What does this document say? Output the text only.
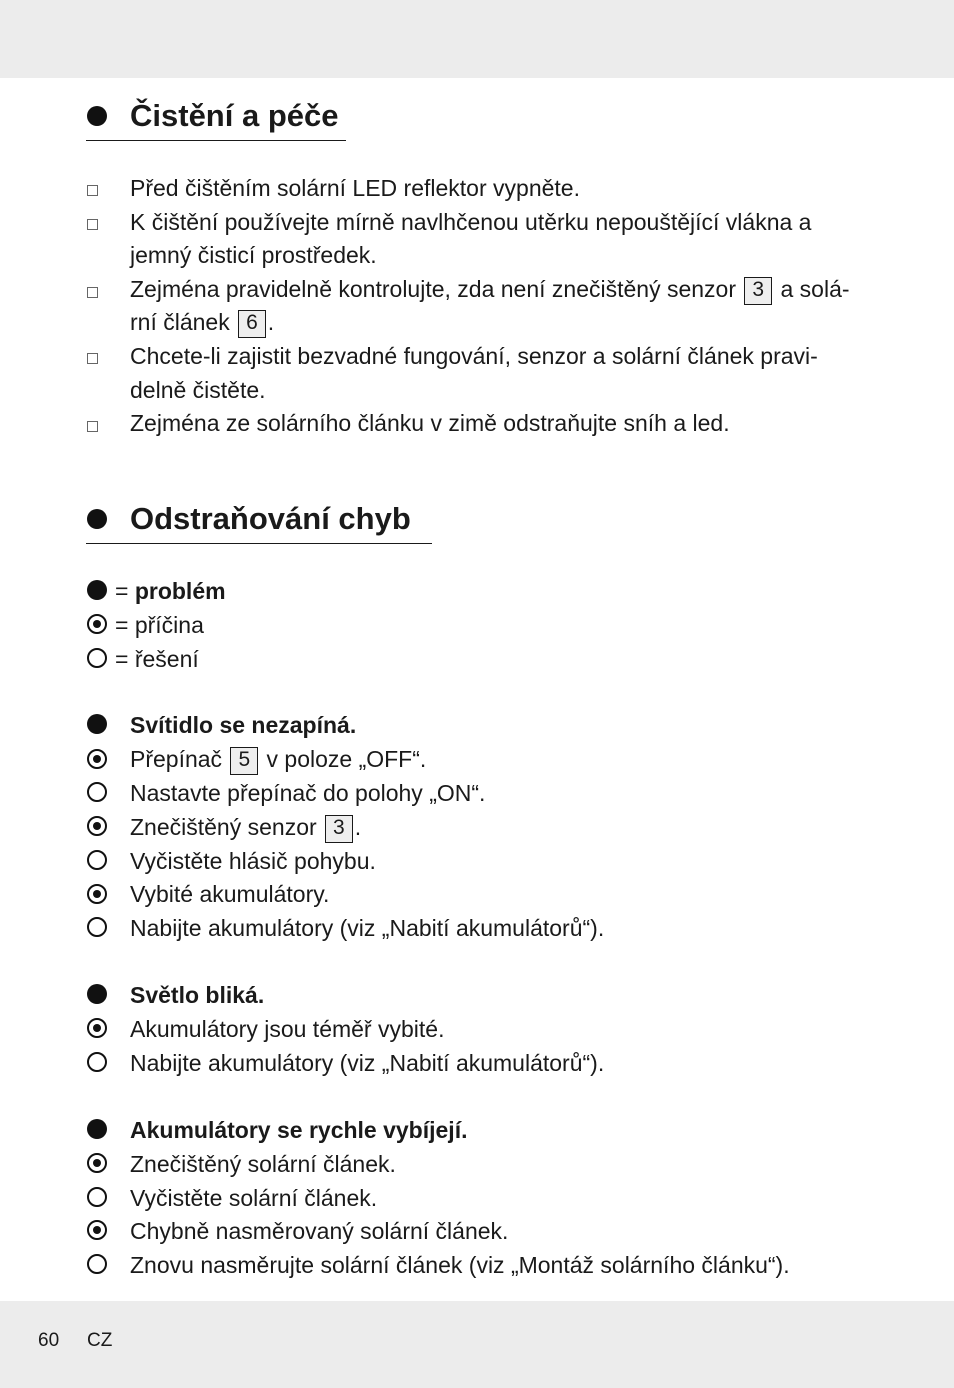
Čistění a péče
Před čištěním solární LED reflektor vypněte.
K čištění používejte mírně navlhčenou utěrku nepouštějící vlákna a
jemný čisticí prostředek.
Zejména pravidelně kontrolujte, zda není znečištěný senzor 3 a solá-
rní článek 6 .
Chcete-li zajistit bezvadné fungování, senzor a solární článek pravi-
delně čistěte.
Zejména ze solárního článku v zimě odstraňujte sníh a led.
Odstraňování chyb
= problém
= příčina
= řešení
Svítidlo se nezapíná.
Přepínač 5 v poloze „OFF“.
Nastavte přepínač do polohy „ON“.
Znečištěný senzor 3 .
Vyčistěte hlásič pohybu.
Vybité akumulátory.
Nabijte akumulátory (viz „Nabití akumulátorů“).
Světlo bliká.
Akumulátory jsou téměř vybité.
Nabijte akumulátory (viz „Nabití akumulátorů“).
Akumulátory se rychle vybíjejí.
Znečištěný solární článek.
Vyčistěte solární článek.
Chybně nasměrovaný solární článek.
Znovu nasměrujte solární článek (viz „Montáž solárního článku“).
60 CZ
